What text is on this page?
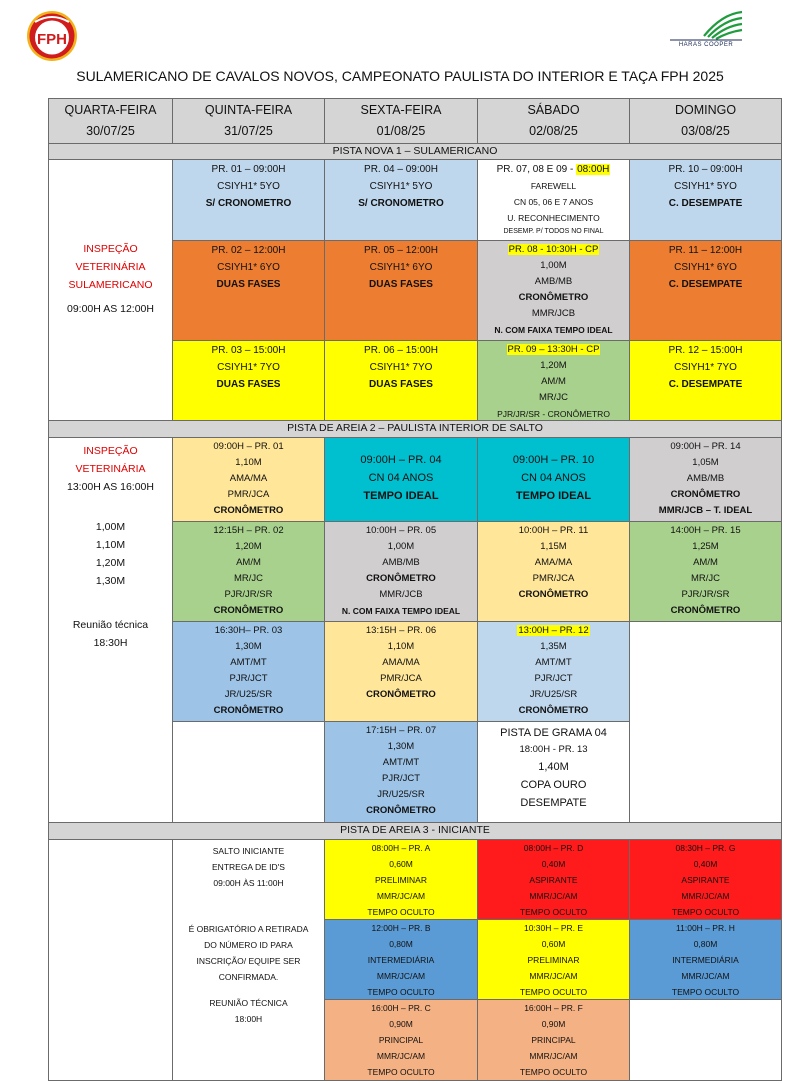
FPH	HARAS COOPER
SULAMERICANO DE CAVALOS NOVOS, CAMPEONATO PAULISTA DO INTERIOR E TAÇA FPH 2025
QUARTA-FEIRA
30/07/25
QUINTA-FEIRA
31/07/25
SEXTA-FEIRA
01/08/25
SÁBADO
02/08/25
DOMINGO
03/08/25
PISTA NOVA 1 – SULAMERICANO
INSPEÇÃO
VETERINÁRIA
SULAMERICANO
09:00H AS 12:00H
PR. 01 – 09:00H
CSIYH1* 5YO
S/ CRONOMETRO
PR. 04 – 09:00H
CSIYH1* 5YO
S/ CRONOMETRO
PR. 07, 08 E 09 - 08:00H
FAREWELL
CN 05, 06 E 7 ANOS
U. RECONHECIMENTO
DESEMP. P/ TODOS NO FINAL
PR. 10 – 09:00H
CSIYH1* 5YO
C. DESEMPATE
PR. 02 – 12:00H
CSIYH1* 6YO
DUAS FASES
PR. 05 – 12:00H
CSIYH1* 6YO
DUAS FASES
PR. 08 - 10:30H - CP
1,00M
AMB/MB
CRONÔMETRO
MMR/JCB
N. COM FAIXA TEMPO IDEAL
PR. 11 – 12:00H
CSIYH1* 6YO
C. DESEMPATE
PR. 03 – 15:00H
CSIYH1* 7YO
DUAS FASES
PR. 06 – 15:00H
CSIYH1* 7YO
DUAS FASES
PR. 09 – 13:30H - CP
1,20M
AM/M
MR/JC
PJR/JR/SR - CRONÔMETRO
PR. 12 – 15:00H
CSIYH1* 7YO
C. DESEMPATE
PISTA DE AREIA 2 – PAULISTA INTERIOR DE SALTO
INSPEÇÃO
VETERINÁRIA
13:00H AS 16:00H
1,00M
1,10M
1,20M
1,30M
Reunião técnica
18:30H
09:00H – PR. 01
1,10M
AMA/MA
PMR/JCA
CRONÔMETRO
09:00H – PR. 04
CN 04 ANOS
TEMPO IDEAL
09:00H – PR. 10
CN 04 ANOS
TEMPO IDEAL
09:00H – PR. 14
1,05M
AMB/MB
CRONÔMETRO
MMR/JCB – T. IDEAL
12:15H – PR. 02
1,20M
AM/M
MR/JC
PJR/JR/SR
CRONÔMETRO
10:00H – PR. 05
1,00M
AMB/MB
CRONÔMETRO
MMR/JCB
N. COM FAIXA TEMPO IDEAL
10:00H – PR. 11
1,15M
AMA/MA
PMR/JCA
CRONÔMETRO
14:00H – PR. 15
1,25M
AM/M
MR/JC
PJR/JR/SR
CRONÔMETRO
16:30H– PR. 03
1,30M
AMT/MT
PJR/JCT
JR/U25/SR
CRONÔMETRO
13:15H – PR. 06
1,10M
AMA/MA
PMR/JCA
CRONÔMETRO
13:00H – PR. 12
1,35M
AMT/MT
PJR/JCT
JR/U25/SR
CRONÔMETRO
17:15H – PR. 07
1,30M
AMT/MT
PJR/JCT
JR/U25/SR
CRONÔMETRO
PISTA DE GRAMA 04
18:00H - PR. 13
1,40M
COPA OURO
DESEMPATE
PISTA DE AREIA 3 - INICIANTE
SALTO INICIANTE
ENTREGA DE ID'S
09:00H ÀS 11:00H
É OBRIGATÓRIO A RETIRADA
DO NÚMERO ID PARA
INSCRIÇÃO/ EQUIPE SER
CONFIRMADA.
REUNIÃO TÉCNICA
18:00H
08:00H – PR. A
0,60M
PRELIMINAR
MMR/JC/AM
TEMPO OCULTO
08:00H – PR. D
0,40M
ASPIRANTE
MMR/JC/AM
TEMPO OCULTO
08:30H – PR. G
0,40M
ASPIRANTE
MMR/JC/AM
TEMPO OCULTO
12:00H – PR. B
0,80M
INTERMEDIÁRIA
MMR/JC/AM
TEMPO OCULTO
10:30H – PR. E
0,60M
PRELIMINAR
MMR/JC/AM
TEMPO OCULTO
11:00H – PR. H
0,80M
INTERMEDIÁRIA
MMR/JC/AM
TEMPO OCULTO
16:00H – PR. C
0,90M
PRINCIPAL
MMR/JC/AM
TEMPO OCULTO
16:00H – PR. F
0,90M
PRINCIPAL
MMR/JC/AM
TEMPO OCULTO
